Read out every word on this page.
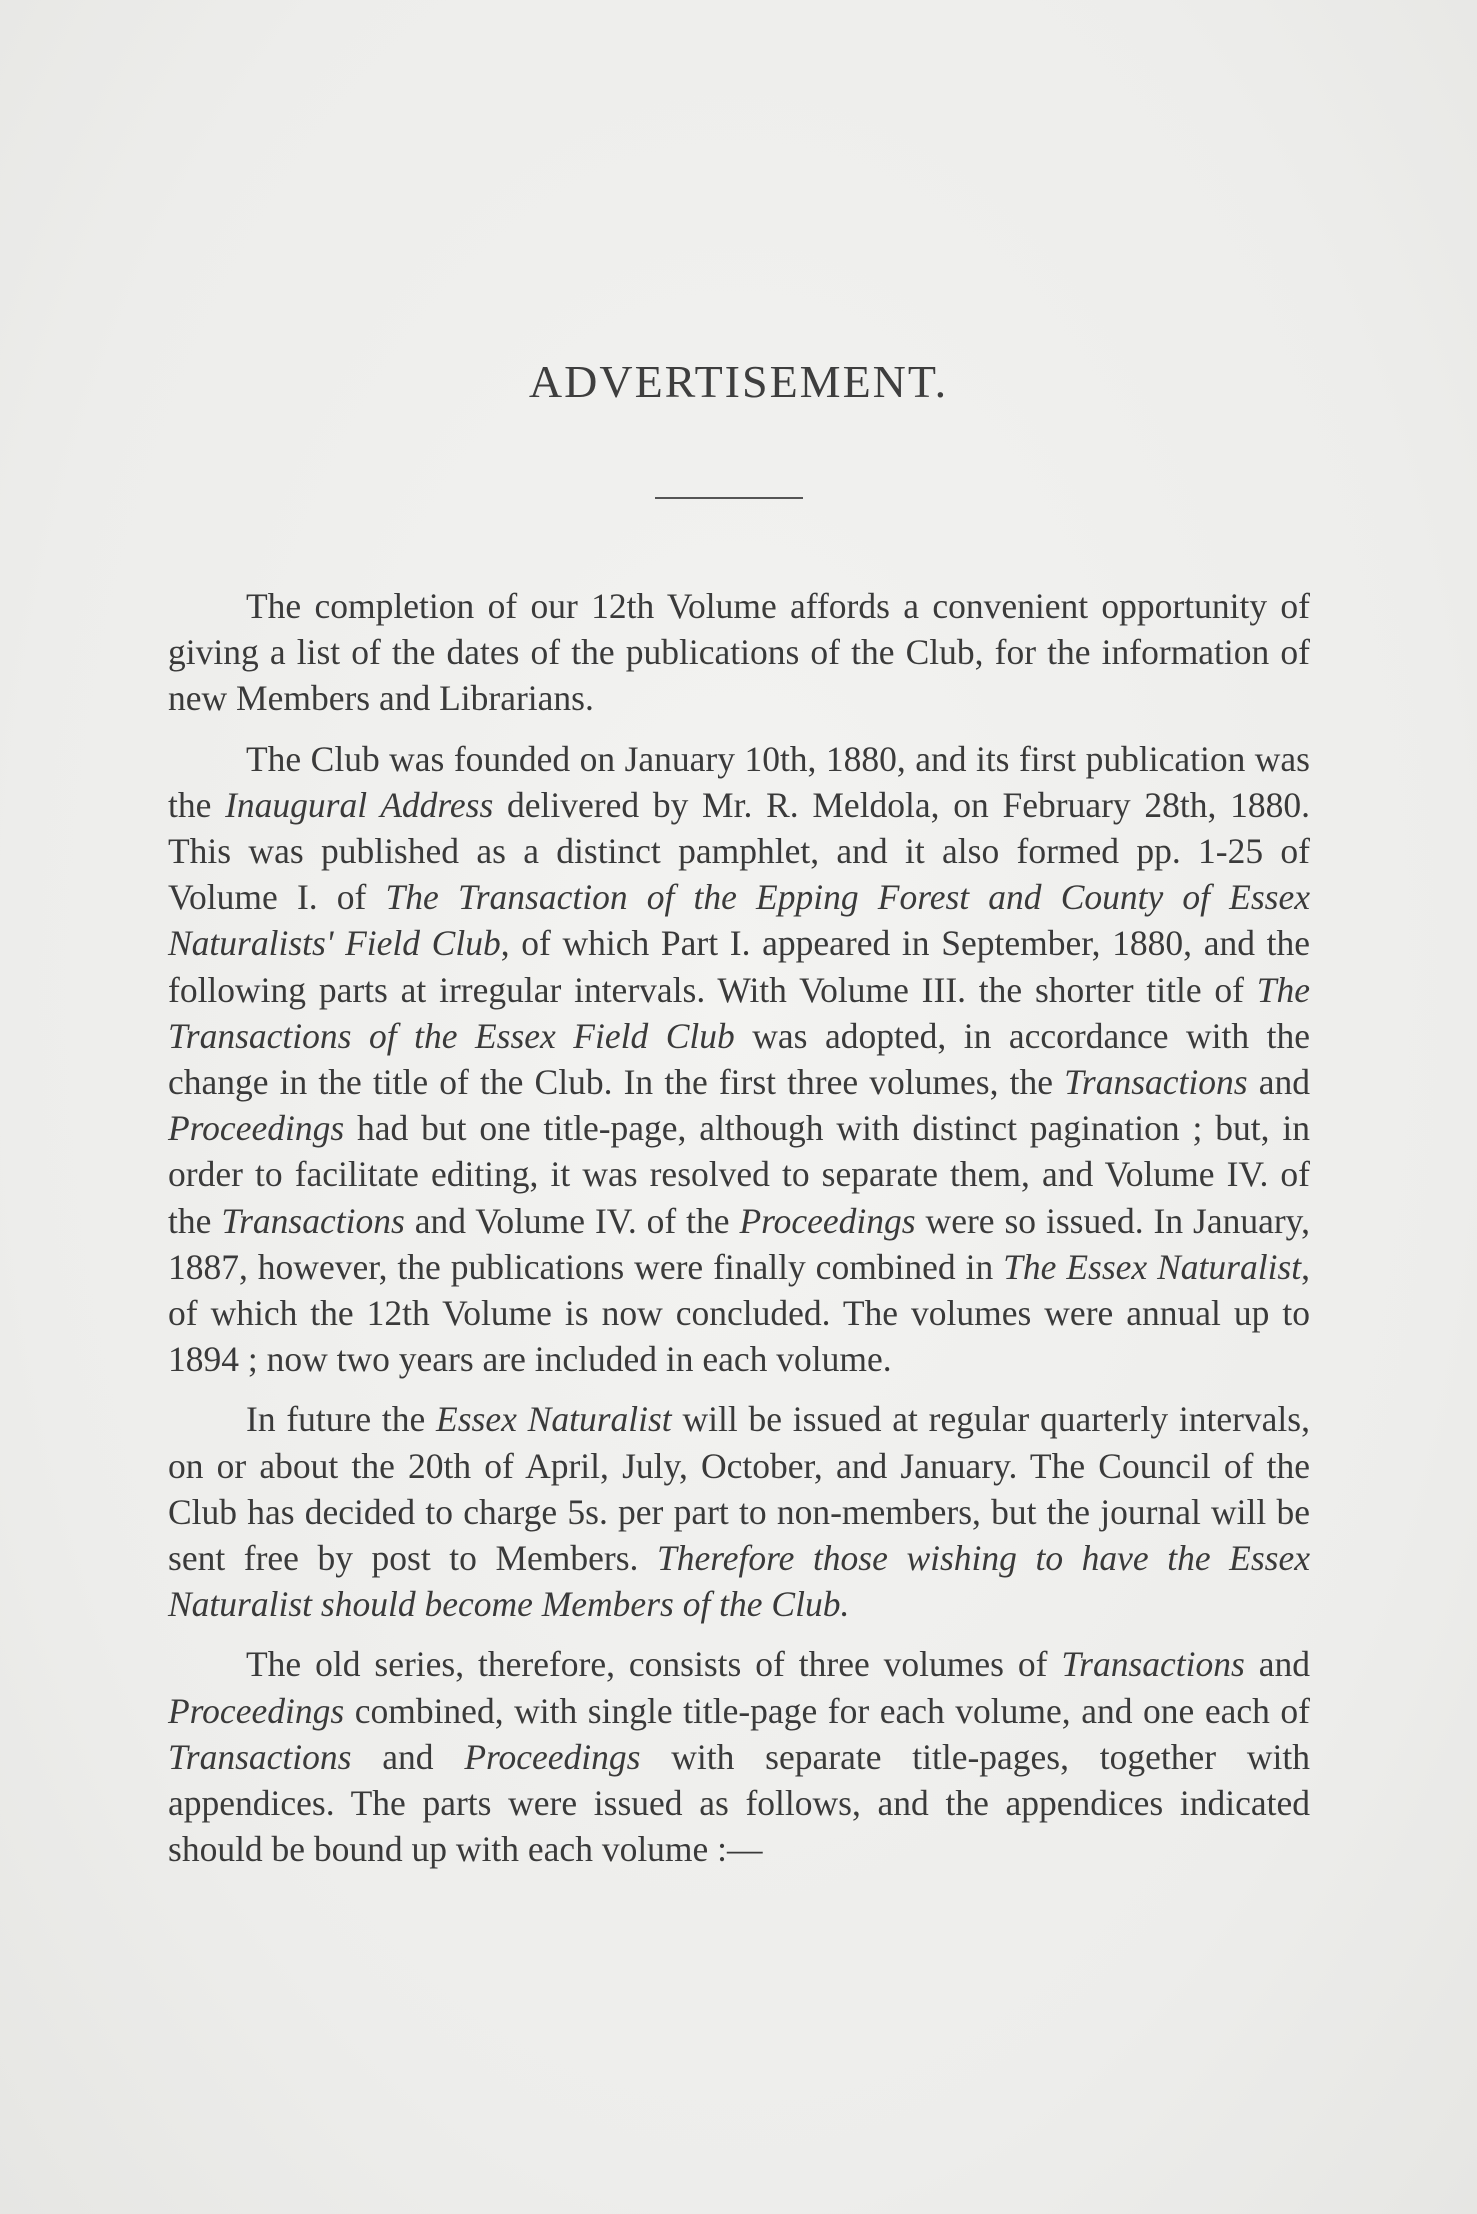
ADVERTISEMENT.

The completion of our 12th Volume affords a convenient opportunity of giving a list of the dates of the publications of the Club, for the information of new Members and Librarians.

The Club was founded on January 10th, 1880, and its first publication was the Inaugural Address delivered by Mr. R. Meldola, on February 28th, 1880. This was published as a distinct pamphlet, and it also formed pp. 1-25 of Volume I. of The Transaction of the Epping Forest and County of Essex Naturalists' Field Club, of which Part I. appeared in September, 1880, and the following parts at irregular intervals. With Volume III. the shorter title of The Transactions of the Essex Field Club was adopted, in accordance with the change in the title of the Club. In the first three volumes, the Transactions and Proceedings had but one title-page, although with distinct pagination ; but, in order to facilitate editing, it was resolved to separate them, and Volume IV. of the Transactions and Volume IV. of the Proceedings were so issued. In January, 1887, however, the publications were finally combined in The Essex Naturalist, of which the 12th Volume is now concluded. The volumes were annual up to 1894 ; now two years are included in each volume.

In future the Essex Naturalist will be issued at regular quarterly intervals, on or about the 20th of April, July, October, and January. The Council of the Club has decided to charge 5s. per part to non-members, but the journal will be sent free by post to Members. Therefore those wishing to have the Essex Naturalist should become Members of the Club.

The old series, therefore, consists of three volumes of Transactions and Proceedings combined, with single title-page for each volume, and one each of Transactions and Proceedings with separate title-pages, together with appendices. The parts were issued as follows, and the appendices indicated should be bound up with each volume :—
